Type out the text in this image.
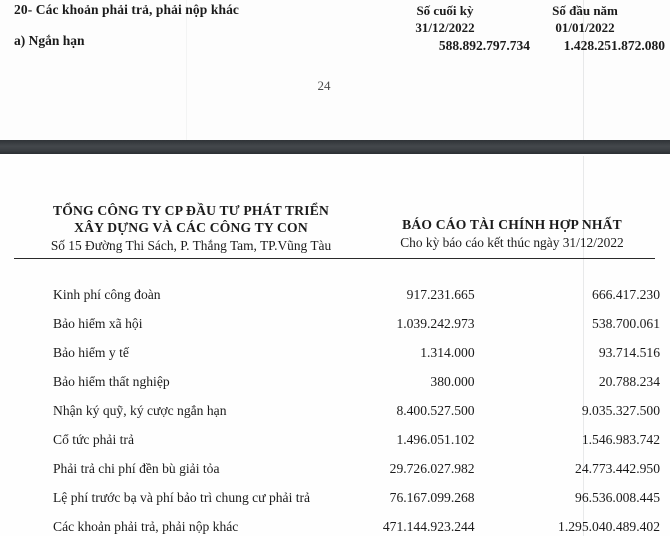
20- Các khoản phải trả, phải nộp khác
a) Ngắn hạn
Số cuối kỳ
31/12/2022
Số đầu năm
01/01/2022
588.892.797.734	1.428.251.872.080
24
TỔNG CÔNG TY CP ĐẦU TƯ PHÁT TRIỂN
XÂY DỰNG VÀ CÁC CÔNG TY CON
Số 15 Đường Thi Sách, P. Thắng Tam, TP.Vũng Tàu
BÁO CÁO TÀI CHÍNH HỢP NHẤT
Cho kỳ báo cáo kết thúc ngày 31/12/2022
Kinh phí công đoàn	917.231.665	666.417.230
Bảo hiểm xã hội	1.039.242.973	538.700.061
Bảo hiểm y tế	1.314.000	93.714.516
Bảo hiểm thất nghiệp	380.000	20.788.234
Nhận ký quỹ, ký cược ngắn hạn	8.400.527.500	9.035.327.500
Cổ tức phải trả	1.496.051.102	1.546.983.742
Phải trả chi phí đền bù giải tỏa	29.726.027.982	24.773.442.950
Lệ phí trước bạ và phí bảo trì chung cư phải trả	76.167.099.268	96.536.008.445
Các khoản phải trả, phải nộp khác	471.144.923.244	1.295.040.489.402
